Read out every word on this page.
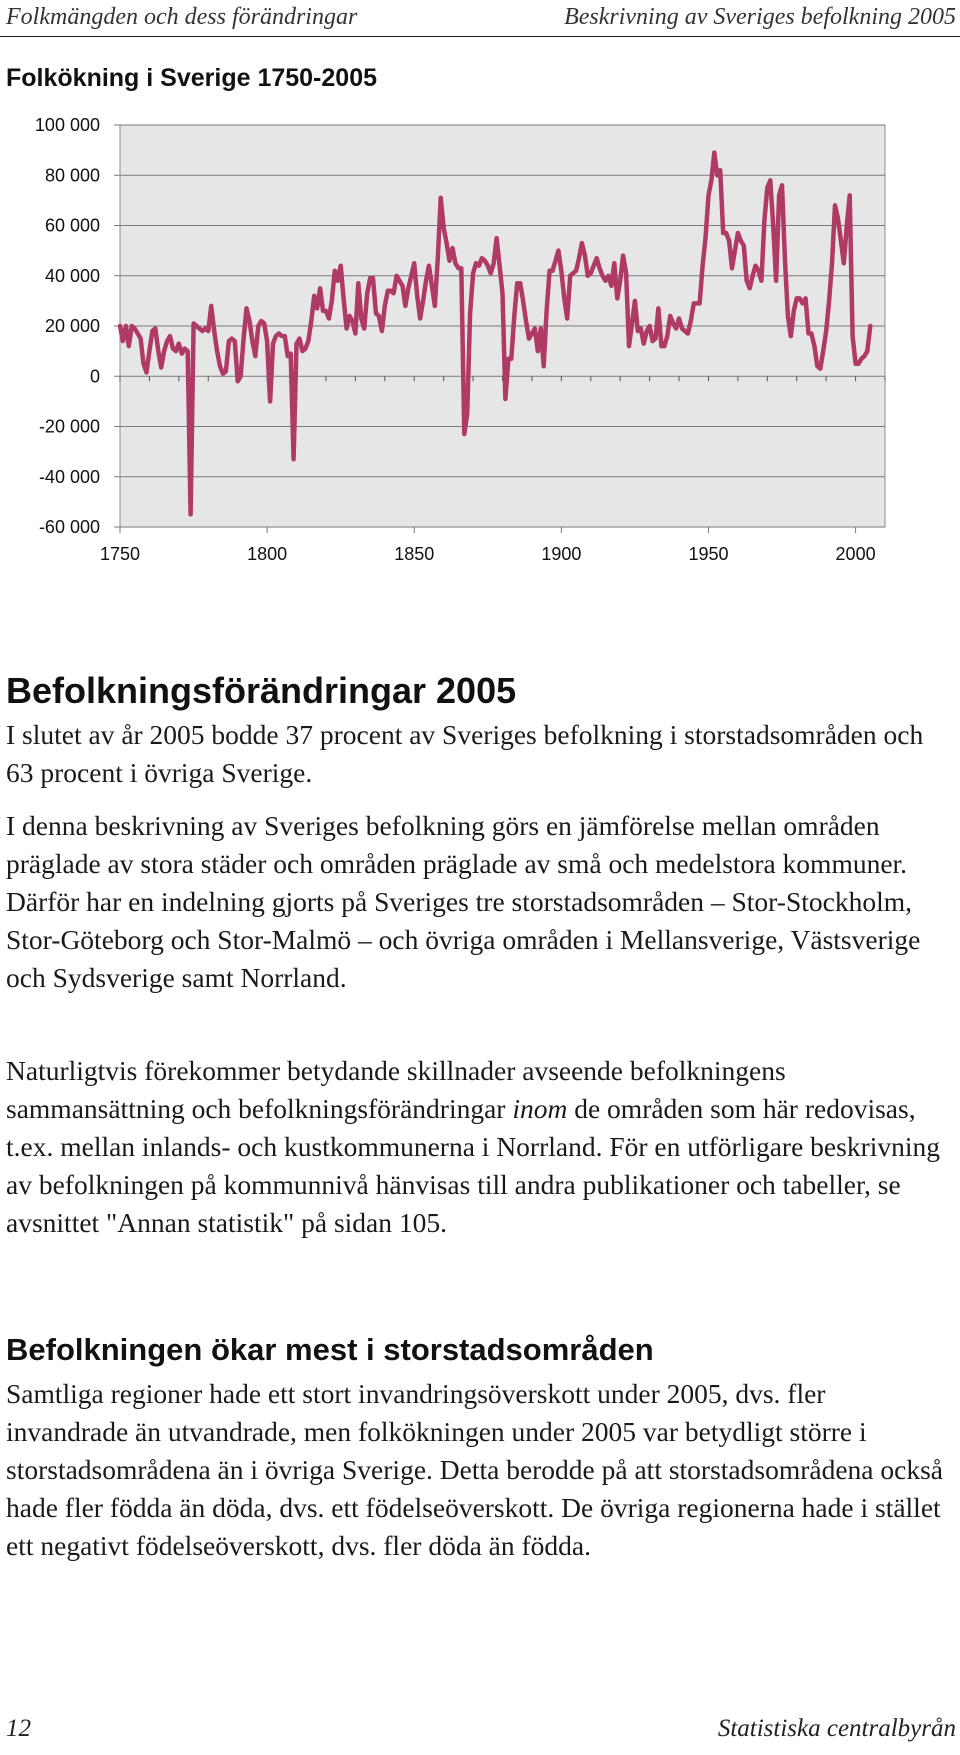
Folkmängden och dess förändringar	Beskrivning av Sveriges befolkning 2005
Folkökning i Sverige 1750-2005
100 000
80 000
60 000
40 000
20 000
0
-20 000
-40 000
-60 000
1750	1800	1850	1900	1950	2000
Befolkningsförändringar 2005

I slutet av år 2005 bodde 37 procent av Sveriges befolkning i storstadsområden och 63 procent i övriga Sverige.

I denna beskrivning av Sveriges befolkning görs en jämförelse mellan områden präglade av stora städer och områden präglade av små och medelstora kommuner. Därför har en indelning gjorts på Sveriges tre storstadsområden – Stor-Stockholm, Stor-Göteborg och Stor-Malmö – och övriga områden i Mellansverige, Västsverige och Sydsverige samt Norrland.

Naturligtvis förekommer betydande skillnader avseende befolkningens sammansättning och befolkningsförändringar inom de områden som här redovisas, t.ex. mellan inlands- och kustkommunerna i Norrland. För en utförligare beskrivning av befolkningen på kommunnivå hänvisas till andra publikationer och tabeller, se avsnittet "Annan statistik" på sidan 105.

Befolkningen ökar mest i storstadsområden

Samtliga regioner hade ett stort invandringsöverskott under 2005, dvs. fler invandrade än utvandrade, men folkökningen under 2005 var betydligt större i storstadsområdena än i övriga Sverige. Detta berodde på att storstadsområdena också hade fler födda än döda, dvs. ett födelseöverskott. De övriga regionerna hade i stället ett negativt födelseöverskott, dvs. fler döda än födda.

12	Statistiska centralbyrån
